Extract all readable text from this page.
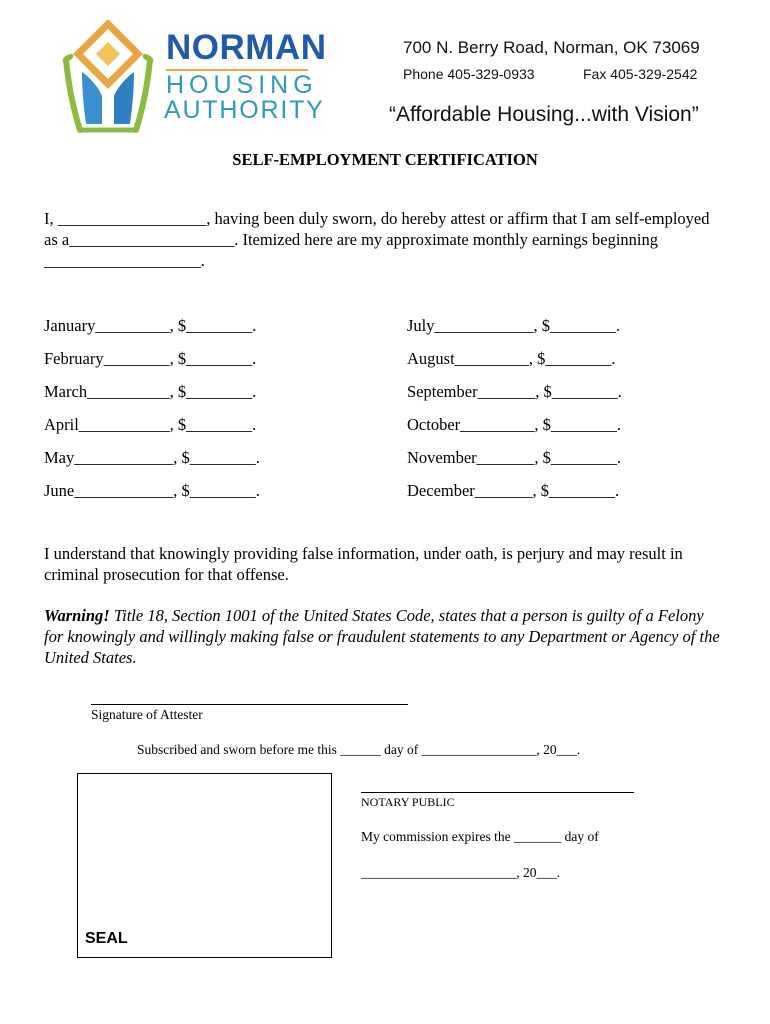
NORMAN
HOUSING
AUTHORITY
700 N. Berry Road, Norman, OK 73069
Phone 405-329-0933	Fax 405-329-2542
“Affordable Housing...with Vision”
SELF-EMPLOYMENT CERTIFICATION
I, __________________, having been duly sworn, do hereby attest or affirm that I am self-employed as a____________________. Itemized here are my approximate monthly earnings beginning ___________________.
January_________, $________.
February________, $________.
March__________, $________.
April___________, $________.
May____________, $________.
June____________, $________.
July____________, $________.
August_________, $________.
September_______, $________.
October_________, $________.
November_______, $________.
December_______, $________.
I understand that knowingly providing false information, under oath, is perjury and may result in criminal prosecution for that offense.
Warning! Title 18, Section 1001 of the United States Code, states that a person is guilty of a Felony for knowingly and willingly making false or fraudulent statements to any Department or Agency of the United States.
Signature of Attester
Subscribed and sworn before me this ______ day of _________________, 20___.
SEAL
NOTARY PUBLIC
My commission expires the _______ day of
_______________________, 20___.
